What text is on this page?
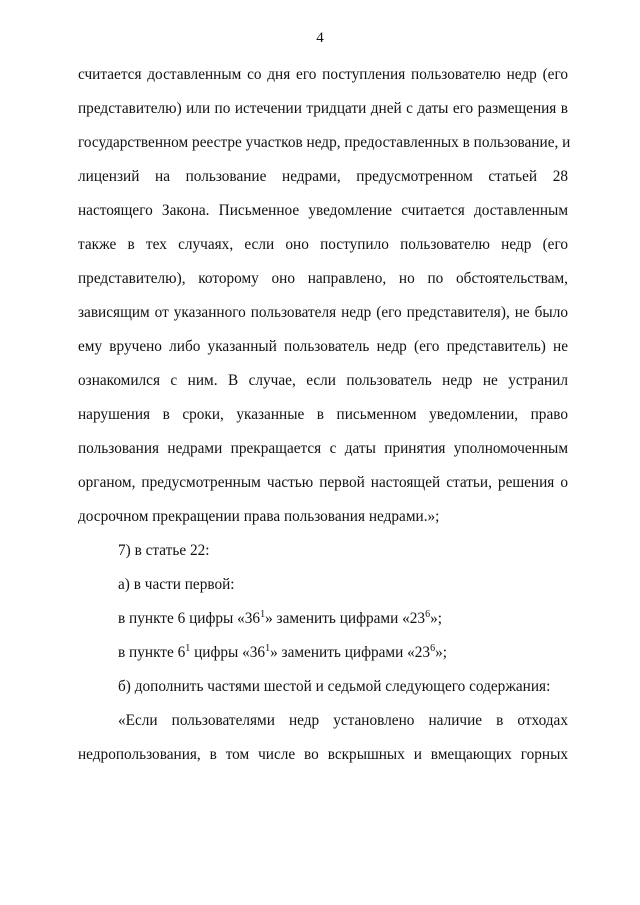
4
считается доставленным со дня его поступления пользователю недр (его
представителю) или по истечении тридцати дней с даты его размещения в
государственном реестре участков недр, предоставленных в пользование, и
лицензий на пользование недрами, предусмотренном статьей 28
настоящего Закона. Письменное уведомление считается доставленным
также в тех случаях, если оно поступило пользователю недр (его
представителю), которому оно направлено, но по обстоятельствам,
зависящим от указанного пользователя недр (его представителя), не было
ему вручено либо указанный пользователь недр (его представитель) не
ознакомился с ним. В случае, если пользователь недр не устранил
нарушения в сроки, указанные в письменном уведомлении, право
пользования недрами прекращается с даты принятия уполномоченным
органом, предусмотренным частью первой настоящей статьи, решения о
досрочном прекращении права пользования недрами.»;
7) в статье 22:
а) в части первой:
в пункте 6 цифры «$36^1$» заменить цифрами «$23^6$»;
в пункте $6^1$ цифры «$36^1$» заменить цифрами «$23^6$»;
б) дополнить частями шестой и седьмой следующего содержания:
«Если пользователями недр установлено наличие в отходах
недропользования, в том числе во вскрышных и вмещающих горных
